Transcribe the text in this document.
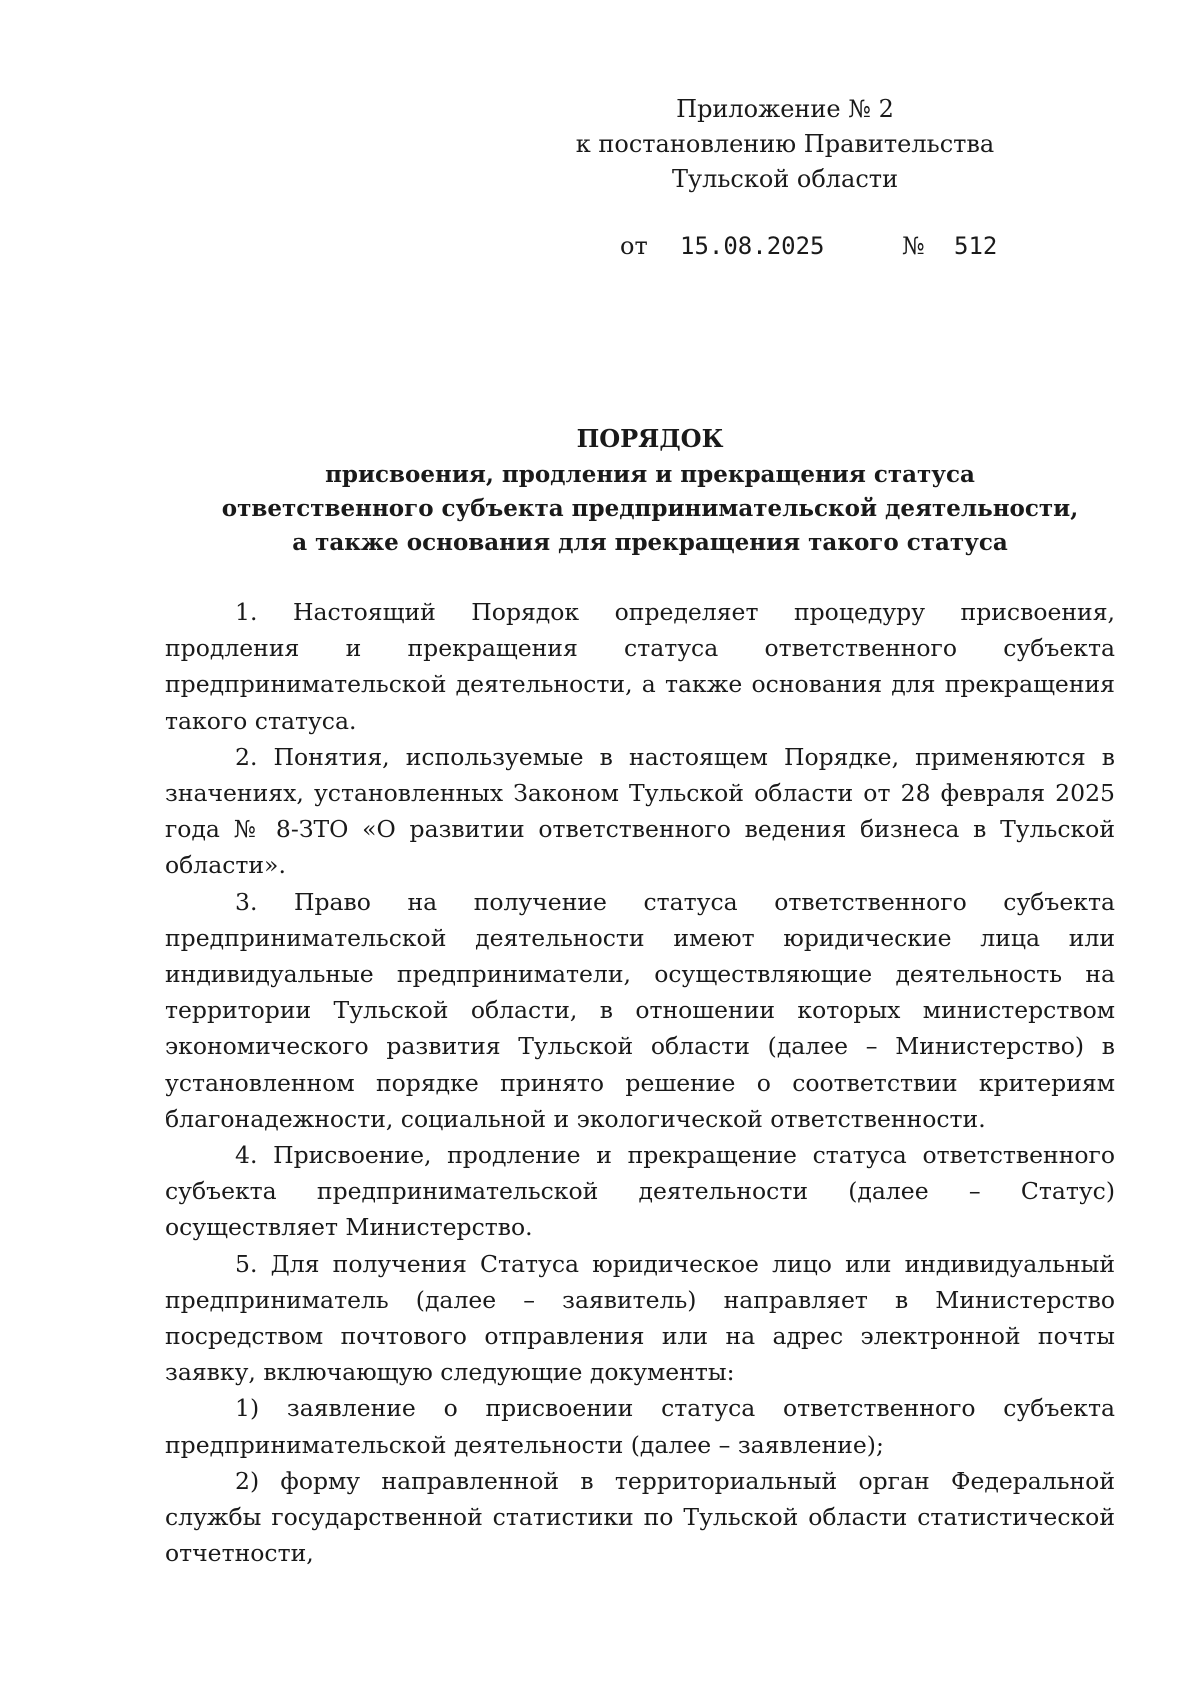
Приложение № 2
к постановлению Правительства
Тульской области
от 15.08.2025	№ 512
ПОРЯДОК
присвоения, продления и прекращения статуса
ответственного субъекта предпринимательской деятельности,
а также основания для прекращения такого статуса

1. Настоящий Порядок определяет процедуру присвоения, продления и прекращения статуса ответственного субъекта предпринимательской деятельности, а также основания для прекращения такого статуса.

2. Понятия, используемые в настоящем Порядке, применяются в значениях, установленных Законом Тульской области от 28 февраля 2025 года № 8-ЗТО «О развитии ответственного ведения бизнеса в Тульской области».

3. Право на получение статуса ответственного субъекта предпринимательской деятельности имеют юридические лица или индивидуальные предприниматели, осуществляющие деятельность на территории Тульской области, в отношении которых министерством экономического развития Тульской области (далее – Министерство) в установленном порядке принято решение о соответствии критериям благонадежности, социальной и экологической ответственности.

4. Присвоение, продление и прекращение статуса ответственного субъекта предпринимательской деятельности (далее – Статус) осуществляет Министерство.

5. Для получения Статуса юридическое лицо или индивидуальный предприниматель (далее – заявитель) направляет в Министерство посредством почтового отправления или на адрес электронной почты заявку, включающую следующие документы:

1) заявление о присвоении статуса ответственного субъекта предпринимательской деятельности (далее – заявление);

2) форму направленной в территориальный орган Федеральной службы государственной статистики по Тульской области статистической отчетности,
